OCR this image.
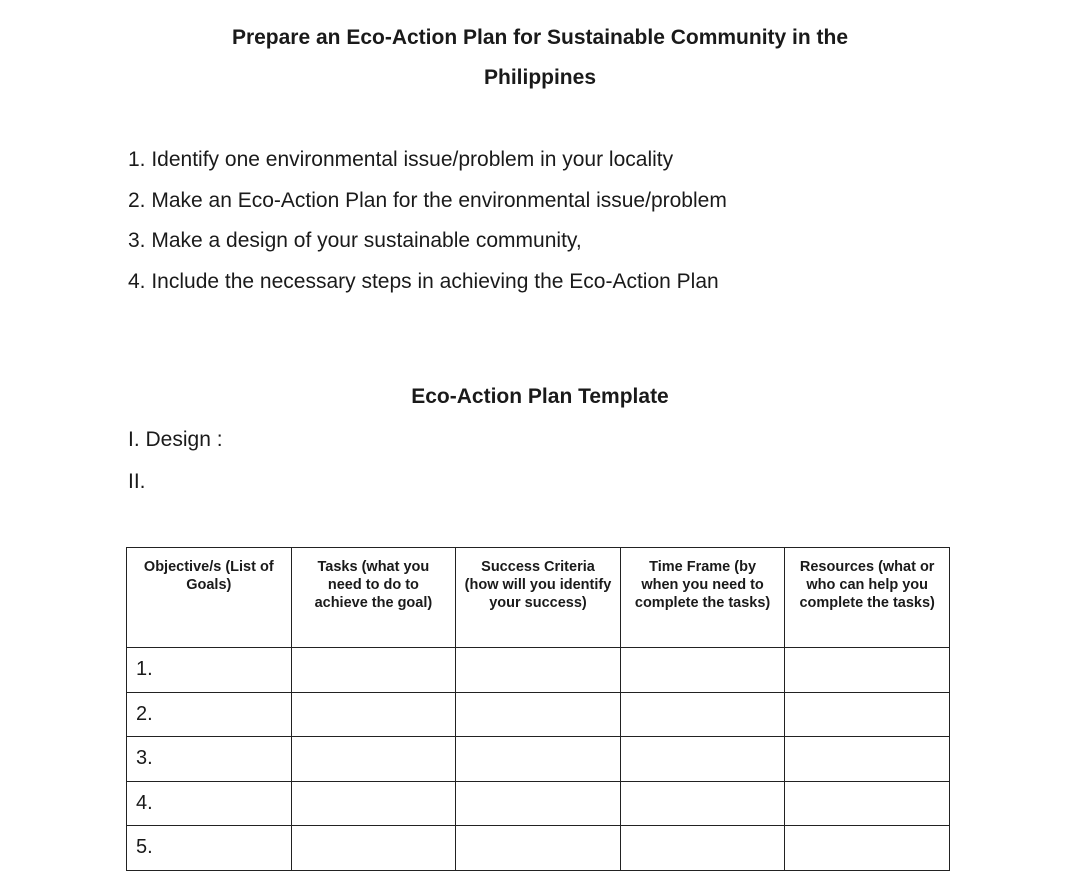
Prepare an Eco-Action Plan for Sustainable Community in the
Philippines
1. Identify one environmental issue/problem in your locality
2. Make an Eco-Action Plan for the environmental issue/problem
3. Make a design of your sustainable community,
4. Include the necessary steps in achieving the Eco-Action Plan
Eco-Action Plan Template
I. Design :
II.
Objective/s (List of Goals)	Tasks (what you need to do to achieve the goal)	Success Criteria (how will you identify your success)	Time Frame (by when you need to complete the tasks)	Resources (what or who can help you complete the tasks)
1.				
2.				
3.				
4.				
5.				
